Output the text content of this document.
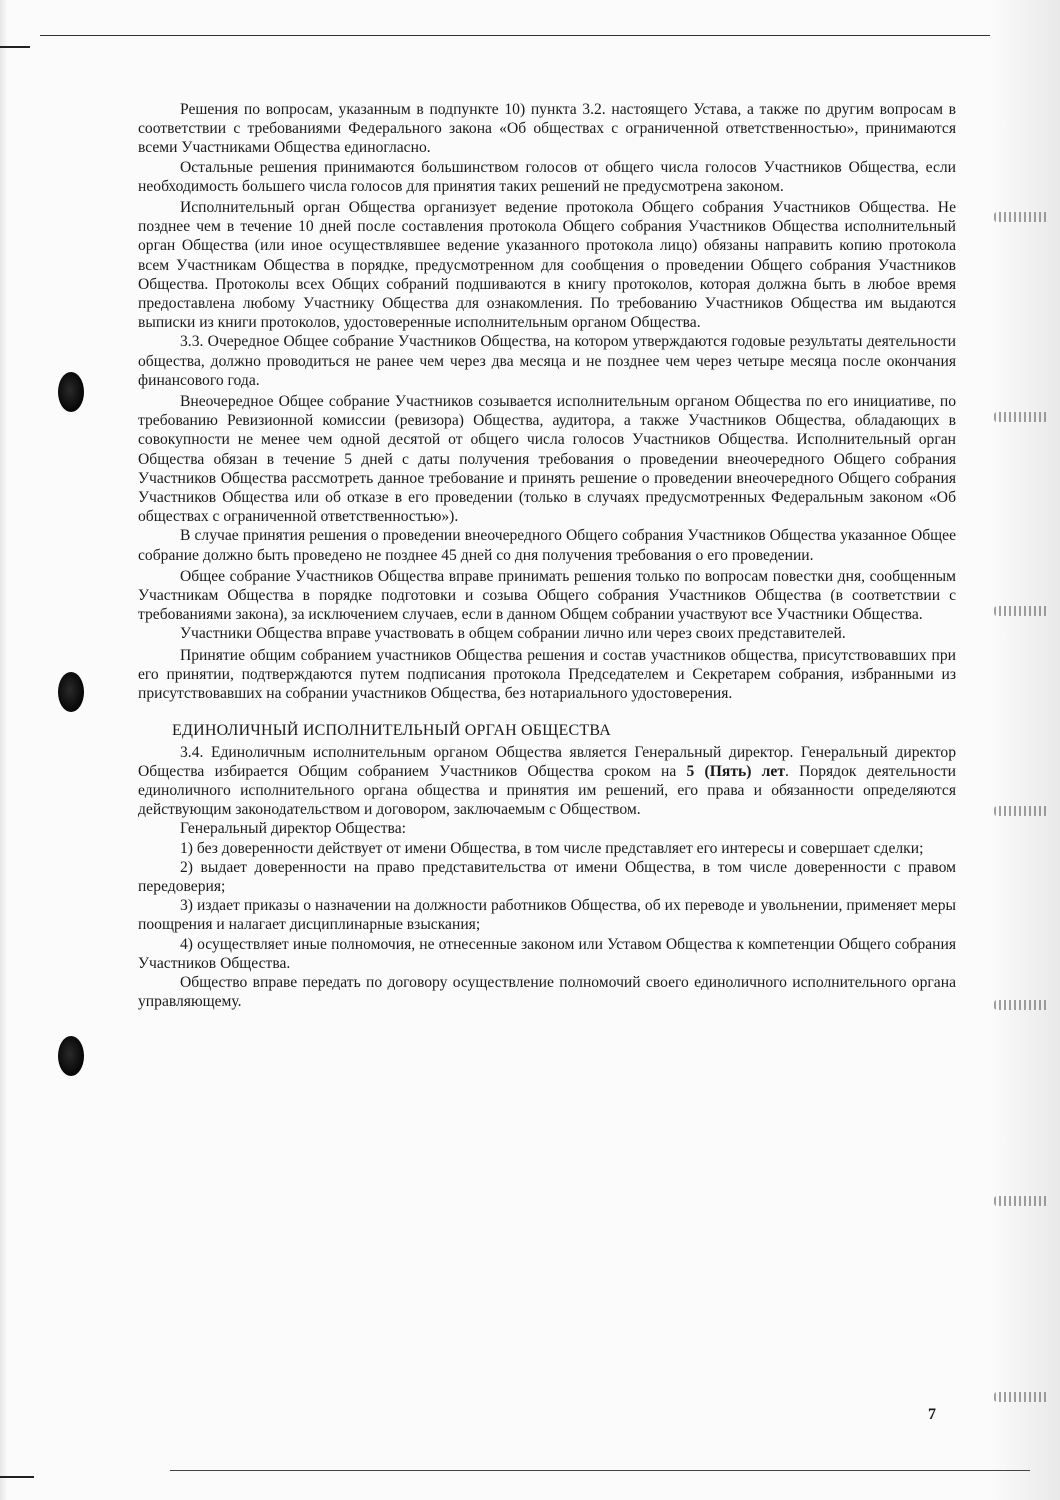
Решения по вопросам, указанным в подпункте 10) пункта 3.2. настоящего Устава, а также по другим вопросам в соответствии с требованиями Федерального закона «Об обществах с ограниченной ответственностью», принимаются всеми Участниками Общества единогласно.

Остальные решения принимаются большинством голосов от общего числа голосов Участников Общества, если необходимость большего числа голосов для принятия таких решений не предусмотрена законом.

Исполнительный орган Общества организует ведение протокола Общего собрания Участников Общества. Не позднее чем в течение 10 дней после составления протокола Общего собрания Участников Общества исполнительный орган Общества (или иное осуществлявшее ведение указанного протокола лицо) обязаны направить копию протокола всем Участникам Общества в порядке, предусмотренном для сообщения о проведении Общего собрания Участников Общества. Протоколы всех Общих собраний подшиваются в книгу протоколов, которая должна быть в любое время предоставлена любому Участнику Общества для ознакомления. По требованию Участников Общества им выдаются выписки из книги протоколов, удостоверенные исполнительным органом Общества.

3.3. Очередное Общее собрание Участников Общества, на котором утверждаются годовые результаты деятельности общества, должно проводиться не ранее чем через два месяца и не позднее чем через четыре месяца после окончания финансового года.

Внеочередное Общее собрание Участников созывается исполнительным органом Общества по его инициативе, по требованию Ревизионной комиссии (ревизора) Общества, аудитора, а также Участников Общества, обладающих в совокупности не менее чем одной десятой от общего числа голосов Участников Общества. Исполнительный орган Общества обязан в течение 5 дней с даты получения требования о проведении внеочередного Общего собрания Участников Общества рассмотреть данное требование и принять решение о проведении внеочередного Общего собрания Участников Общества или об отказе в его проведении (только в случаях предусмотренных Федеральным законом «Об обществах с ограниченной ответственностью»).

В случае принятия решения о проведении внеочередного Общего собрания Участников Общества указанное Общее собрание должно быть проведено не позднее 45 дней со дня получения требования о его проведении.

Общее собрание Участников Общества вправе принимать решения только по вопросам повестки дня, сообщенным Участникам Общества в порядке подготовки и созыва Общего собрания Участников Общества (в соответствии с требованиями закона), за исключением случаев, если в данном Общем собрании участвуют все Участники Общества.

Участники Общества вправе участвовать в общем собрании лично или через своих представителей.

Принятие общим собранием участников Общества решения и состав участников общества, присутствовавших при его принятии, подтверждаются путем подписания протокола Председателем и Секретарем собрания, избранными из присутствовавших на собрании участников Общества, без нотариального удостоверения.

ЕДИНОЛИЧНЫЙ ИСПОЛНИТЕЛЬНЫЙ ОРГАН ОБЩЕСТВА

3.4. Единоличным исполнительным органом Общества является Генеральный директор. Генеральный директор Общества избирается Общим собранием Участников Общества сроком на 5 (Пять) лет. Порядок деятельности единоличного исполнительного органа общества и принятия им решений, его права и обязанности определяются действующим законодательством и договором, заключаемым с Обществом.

Генеральный директор Общества:

1) без доверенности действует от имени Общества, в том числе представляет его интересы и совершает сделки;

2) выдает доверенности на право представительства от имени Общества, в том числе доверенности с правом передоверия;

3) издает приказы о назначении на должности работников Общества, об их переводе и увольнении, применяет меры поощрения и налагает дисциплинарные взыскания;

4) осуществляет иные полномочия, не отнесенные законом или Уставом Общества к компетенции Общего собрания Участников Общества.

Общество вправе передать по договору осуществление полномочий своего единоличного исполнительного органа управляющему.

7
